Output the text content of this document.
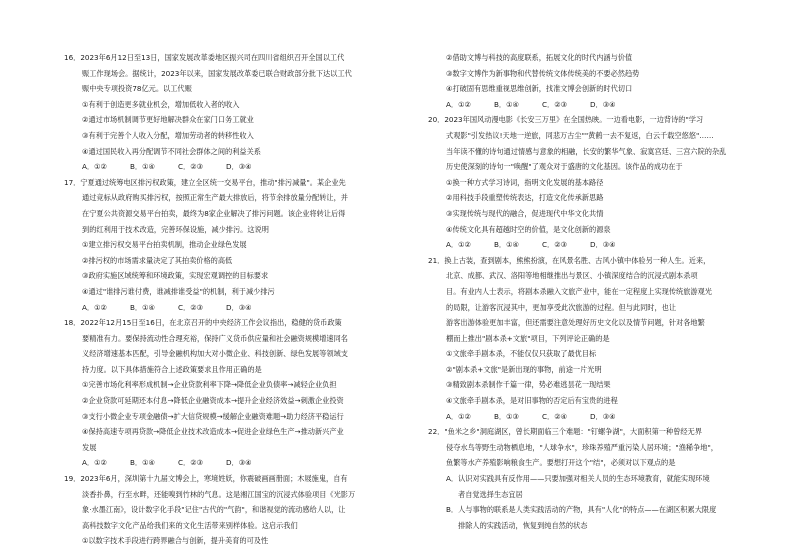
16．2023年6月12日至13日，国家发展改革委地区振兴司在四川省组织召开全国以工代
赈工作现场会。据统计，2023年以来，国家发展改革委已联合财政部分批下达以工代
赈中央专项投资78亿元。以工代赈
①有利于创造更多就业机会，增加低收入者的收入
②通过市场机制调节更好地解决群众在家门口务工就业
③有利于完善个人收入分配，增加劳动者的转移性收入
④通过国民收入再分配调节不同社会群体之间的利益关系
A．①②	B．①④	C．②③	D．③④
17．宁夏通过统筹电区排污权政策，建立全区统一交易平台，推动"排污减量"。某企业先
通过竞标从政府购买排污权，按照正常生产最大排放后，将节余排放量分配转让，并
在宁夏公共资源交易平台拍卖，最终为8家企业解决了排污问题。该企业将转让后得
到的红利用于技术改造，完善环保设施，减少排污。这说明
①建立排污权交易平台拍卖机制，推动企业绿色发展
②排污权的市场需求量决定了其拍卖价格的高低
③政府实施区域统筹和环境政策，实现宏观调控的目标要求
④通过"谁排污谁付费，谁减排谁受益"的机制，利于减少排污
A．①②	B．①④	C．②③	D．③④
18．2022年12月15日至16日，在北京召开的中央经济工作会议指出，稳健的货币政策
要精准有力。要保持流动性合理充裕，保持广义货币供应量和社会融资规模增速同名
义经济增速基本匹配，引导金融机构加大对小微企业、科技创新、绿色发展等领域支
持力度。以下具体措施符合上述政策要求且作用正确的是
①完善市场化利率形成机制→企业贷款利率下降→降低企业负债率→减轻企业负担
②企业贷款可延期还本付息→降低企业融资成本→提升企业经济效益→刺激企业投资
③支行小微企业专项金融债→扩大信贷规模→缓解企业融资难题→助力经济平稳运行
④保持高速专项再贷款→降低企业技术改造成本→促进企业绿色生产→推动新兴产业
发展
A．①②	B．①④	C．②③	D．③④
19．2023年6月，深圳第十九届文博会上，寒境姓妖，你震破画画册面；木屐施鬼，自有
淡香扑鼻，行至水畔，还能嗅到竹林的气息。这是湘江国宝的沉浸式体验项目《光影万
象·水墨江南》，设计数字化手段"记住"古代的"气韵"，和谐视觉的流动感给人以，让
高科技数字文化产品给我们来的文化生活带来别样体验。这启示我们
①以数字技术手段进行跨界融合与创新，提升美育的可及性
②借助文博与科技的高度联系，拓展文化的时代内涵与价值
③数字文博作为新事物和代替传统文体传统美的不要必然趋势
④打破固有思维重视思维创新，找准文博会创新的时代切口
A．①②	B．①④	C．②③	D．③④
20．2023年国风动漫电影《长安三万里》在全国热映。一边看电影，一边背诗的"学习
式观影"引发热议!天地一逆旅，同悲万古尘""黄鹤一去不复返，白云千载空悠悠"……
当年读不懂的诗句通过情感与意象的相融，长安的繁华气象、寂寞宫廷、三宫六院的杂乱
历史使深刻的诗句一"唤醒"了观众对于盛唐的文化基因。该作品的成功在于
①换一种方式学习诗词，指明文化发展的基本路径
②用科技手段重塑传统表达，打造文化传承新思路
③实现传统与现代的融合，促进现代中华文化共情
④传统文化具有超越时空的价值，是文化创新的源泉
A．①②	B．①④	C．②③	D．③④
21．换上古装，查到剧本，熊熊扮演，在风景名胜、古风小镇中体验另一种人生。近来，
北京、成都、武汉、洛阳等地相继推出与景区、小镇深度结合的沉浸式剧本杀项
目。有业内人士表示，将剧本杀融入文旅产业中，能在一定程度上实现传统旅游观光
的局限，让游客沉浸其中，更加享受此次旅游的过程。但与此同时，也让
游客出游体验更加丰富，但还需要注意处理好历史文化以及情节问题，针对各地繁
棚而上推出"剧本杀+文旅"项目，下列评论正确的是
①文旅牵手剧本杀，不能仅仅只获取了最优目标
②"剧本杀+文旅"是新出现的事物，前途一片光明
③精致剧本杀制作千篇一律，势必难逃昙花一现结果
④文旅牵手剧本杀，是对旧事物的否定后有宝贵的进程
A．①②	B．①③	C．②④	D．③④
22．"鱼米之乡"洞庭湖区，曾长期面临三个难题："钉螺争湖"，大面积第一种曾经无界
侵夺水鸟等野生动物栖息地，"人球争水"，珍珠养殖严重污染人居环境；"渔稀争地"，
鱼繁等水产养殖影响粮食生产。要想打开这个"结"，必须对以下观点的是
A．认识对实践具有反作用——只要加强对相关人员的生态环境教育，就能实现环境
者自觉选择生态宜居
B．人与事物的联系是人类实践活动的产物，具有"人化"的特点——在湖区积累大限度
排除人的实践活动，恢复到纯自然的状态
